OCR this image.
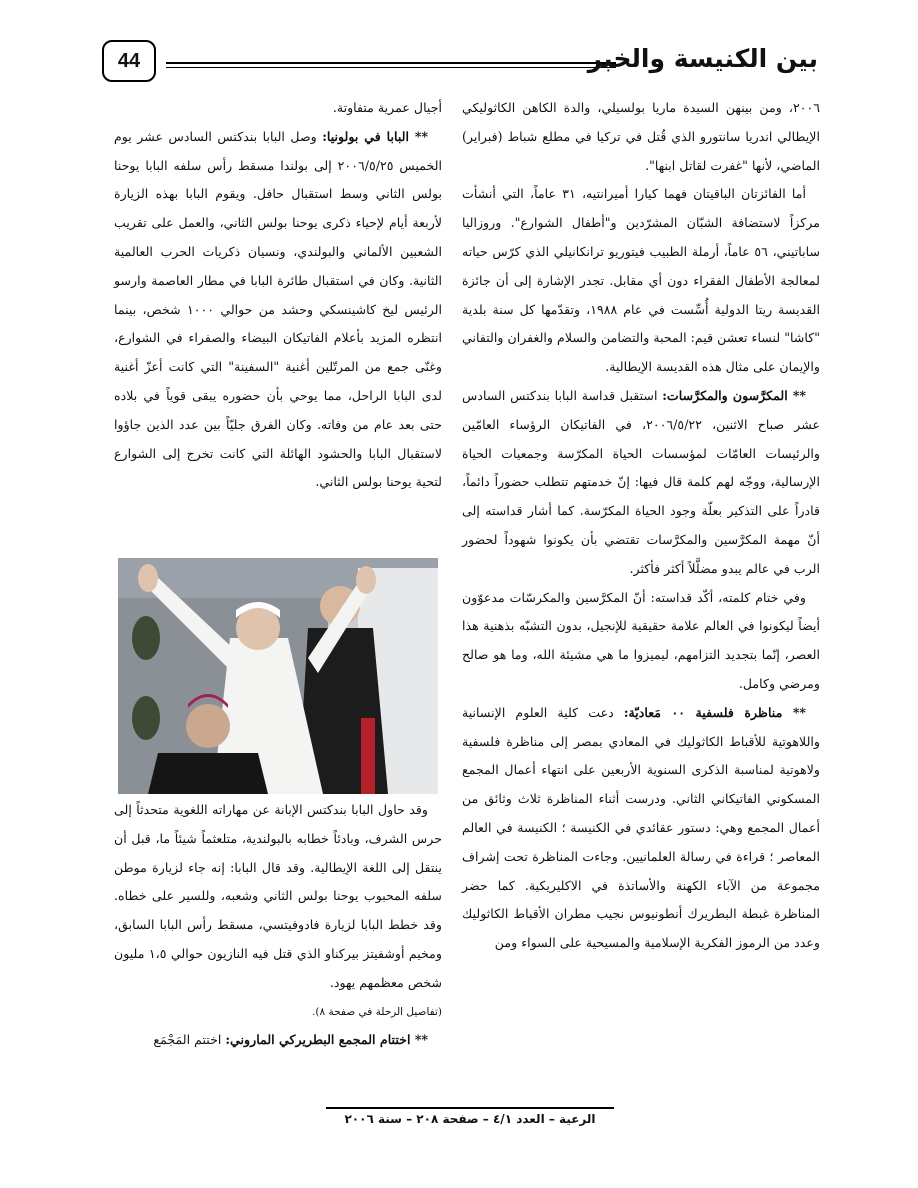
44	بين الكنيسة والخبر

٢٠٠٦، ومن بينهن السيدة ماريا بولسيلي، والدة الكاهن الكاثوليكي الإيطالي اندريا سانتورو الذي قُتل في تركيا في مطلع شباط (فبراير) الماضي، لأنها "غفرت لقاتل ابنها".

أما الفائزتان الباقيتان فهما كيارا أميرانتيه، ٣١ عاماً، التي أنشأت مركزاً لاستضافة الشبّان المشرّدين و"أطفال الشوارع". وروزاليا ساباتيني، ٥٦ عاماً، أرملة الطبيب فيتوريو ترانكانيلي الذي كرّس حياته لمعالجة الأطفال الفقراء دون أي مقابل. تجدر الإشارة إلى أن جائزة القديسة ريتا الدولية أُسِّست في عام ١٩٨٨، وتقدّمها كل سنة بلدية "كاشا" لنساء تعشن قيم: المحبة والتضامن والسلام والغفران والتفاني والإيمان على مثال هذه القديسة الإيطالية.

** المكرَّسون والمكرَّسات: استقبل قداسة البابا بندكتس السادس عشر صباح الاثنين، ٢٠٠٦/٥/٢٢، في الفاتيكان الرؤساء العامّين والرئيسات العامّات لمؤسسات الحياة المكرّسة وجمعيات الحياة الإرسالية، ووجّه لهم كلمة قال فيها: إنّ خدمتهم تتطلب حضوراً دائماً، قادراً على التذكير بعلّة وجود الحياة المكرّسة. كما أشار قداسته إلى أنّ مهمة المكرَّسين والمكرَّسات تقتضي بأن يكونوا شهوداً لحضور الرب في عالم يبدو مضلَّلاً أكثر فأكثر.

وفي ختام كلمته، أكّد قداسته: أنّ المكرَّسين والمكرسّات مدعوّون أيضاً ليكونوا في العالم علامة حقيقية للإنجيل، بدون التشبّه بذهنية هذا العصر، إنّما بتجديد التزامهم، ليميزوا ما هي مشيئة الله، وما هو صالح ومرضي وكامل.

** مناظرة فلسفية ٠٠ مَعاديّة: دعت كلية العلوم الإنسانية واللاهوتية للأقباط الكاثوليك في المعادي بمصر إلى مناظرة فلسفية ولاهوتية لمناسبة الذكرى السنوية الأربعين على انتهاء أعمال المجمع المسكوني الفاتيكاني الثاني. ودرست أثناء المناظرة ثلاث وثائق من أعمال المجمع وهي: دستور عقائدي في الكنيسة ؛ الكنيسة في العالم المعاصر ؛ قراءة في رسالة العلمانيين. وجاءت المناظرة تحت إشراف مجموعة من الآباء الكهنة والأساتذة في الاكليريكية. كما حضر المناظرة غبطة البطريرك أنطونيوس نجيب مطران الأقباط الكاثوليك وعدد من الرموز الفكرية الإسلامية والمسيحية على السواء ومن

أجيال عمرية متفاوتة.

** البابا في بولونيا: وصل البابا بندكتس السادس عشر يوم الخميس ٢٠٠٦/٥/٢٥ إلى بولندا مسقط رأس سلفه البابا يوحنا بولس الثاني وسط استقبال حافل. ويقوم البابا بهذه الزيارة لأربعة أيام لإحياء ذكرى يوحنا بولس الثاني، والعمل على تقريب الشعبين الألماني والبولندي، ونسيان ذكريات الحرب العالمية الثانية. وكان في استقبال طائرة البابا في مطار العاصمة وارسو الرئيس ليخ كاشينسكي وحشد من حوالي ١٠٠٠ شخص، بينما انتظره المزيد بأعلام الفاتيكان البيضاء والصفراء في الشوارع، وغنّى جمع من المرتّلين أغنية "السفينة" التي كانت أعزّ أغنية لدى البابا الراحل، مما يوحي بأن حضوره يبقى قوياً في بلاده حتى بعد عام من وفاته. وكان الفرق جليّاً بين عدد الذين جاؤوا لاستقبال البابا والحشود الهائلة التي كانت تخرج إلى الشوارع لتحية يوحنا بولس الثاني.

وقد حاول البابا بندكتس الإبانة عن مهاراته اللغوية متحدثاً إلى حرس الشرف، وبادئاً خطابه بالبولندية، متلعثماً شيئاً ما، قبل أن ينتقل إلى اللغة الإيطالية. وقد قال البابا: إنه جاء لزيارة موطن سلفه المحبوب يوحنا بولس الثاني وشعبه، وللسير على خطاه. وقد خطط البابا لزيارة فادوفيتسي، مسقط رأس البابا السابق، ومخيم أوشفيتز بيركناو الذي قتل فيه النازيون حوالي ١،٥ مليون شخص معظمهم يهود.

(تفاصيل الرحلة في صفحة ٨).

** اختتام المجمع البطريركي الماروني: اختتم المَجْمَع

الرعية – العدد ٤/١ – صفحة ٢٠٨ – سنة ٢٠٠٦
